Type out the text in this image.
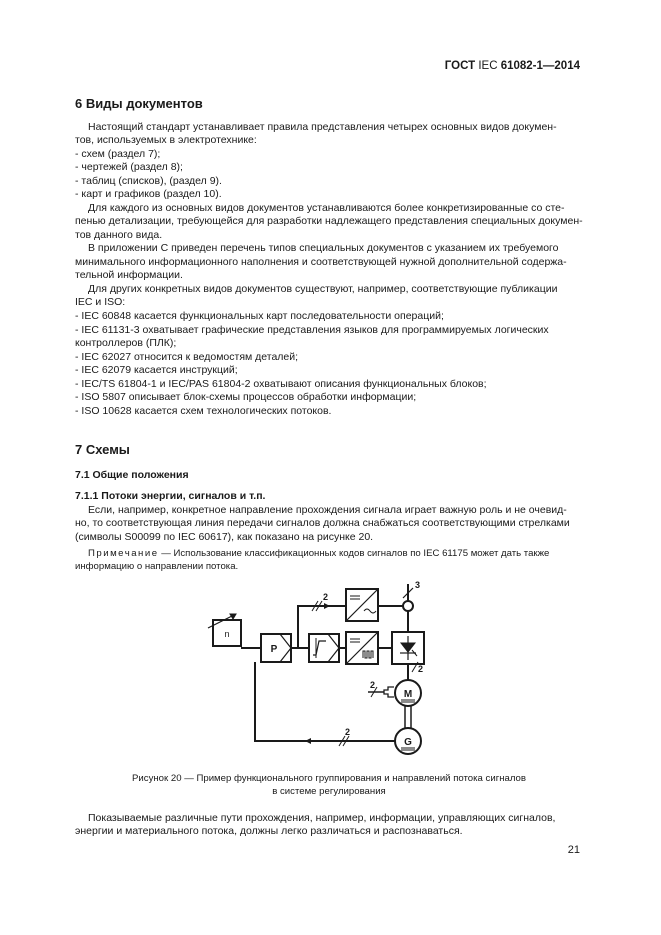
ГОСТ IEC 61082-1—2014
6 Виды документов
Настоящий стандарт устанавливает правила представления четырех основных видов докумен-
тов, используемых в электротехнике:
- схем (раздел 7);
- чертежей (раздел 8);
- таблиц (списков), (раздел 9).
- карт и графиков (раздел 10).
Для каждого из основных видов документов устанавливаются более конкретизированные со сте-
пенью детализации, требующейся для разработки надлежащего представления специальных докумен-
тов данного вида.
В приложении С приведен перечень типов специальных документов с указанием их требуемого
минимального информационного наполнения и соответствующей нужной дополнительной содержа-
тельной информации.
Для других конкретных видов документов существуют, например, соответствующие публикации
IEC и ISO:
- IEC 60848 касается функциональных карт последовательности операций;
- IEC 61131-3 охватывает графические представления языков для программируемых логических
контроллеров (ПЛК);
- IEC 62027 относится к ведомостям деталей;
- IEC 62079 касается инструкций;
- IEC/TS 61804-1 и IEC/PAS 61804-2 охватывают описания функциональных блоков;
- ISO 5807 описывает блок-схемы процессов обработки информации;
- ISO 10628 касается схем технологических потоков.
7 Схемы
7.1 Общие положения
7.1.1 Потоки энергии, сигналов и т.п.
Если, например, конкретное направление прохождения сигнала играет важную роль и не очевид-
но, то соответствующая линия передачи сигналов должна снабжаться соответствующими стрелками
(символы S00099 по IEC 60617), как показано на рисунке 20.
Примечание — Использование классификационных кодов сигналов по IEC 61175 может дать также
информацию о направлении потока.
n
P
M
G
2
3
2
2
2
Рисунок 20 — Пример функционального группирования и направлений потока сигналов
в системе регулирования
Показываемые различные пути прохождения, например, информации, управляющих сигналов,
энергии и материального потока, должны легко различаться и распознаваться.
21
